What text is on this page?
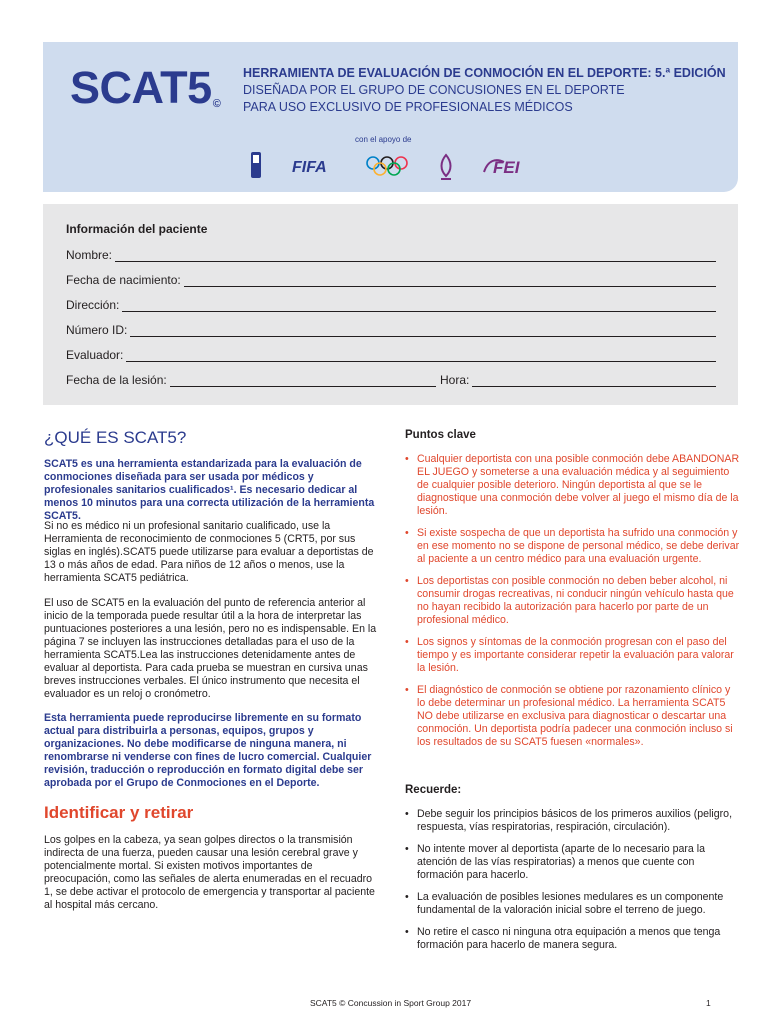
SCAT5©
HERRAMIENTA DE EVALUACIÓN DE CONMOCIÓN EN EL DEPORTE: 5.ª EDICIÓN
DISEÑADA POR EL GRUPO DE CONCUSIONES EN EL DEPORTE
PARA USO EXCLUSIVO DE PROFESIONALES MÉDICOS
con el apoyo de
FIFA	FEI
Información del paciente
Nombre:
Fecha de nacimiento:
Dirección:
Número ID:
Evaluador:
Fecha de la lesión:	Hora:
¿QUÉ ES SCAT5?

SCAT5 es una herramienta estandarizada para la evaluación de conmociones diseñada para ser usada por médicos y profesionales sanitarios cualificados¹. Es necesario dedicar al menos 10 minutos para una correcta utilización de la herramienta SCAT5.

Si no es médico ni un profesional sanitario cualificado, use la Herramienta de reconocimiento de conmociones 5 (CRT5, por sus siglas en inglés).SCAT5 puede utilizarse para evaluar a deportistas de 13 o más años de edad. Para niños de 12 años o menos, use la herramienta SCAT5 pediátrica.

El uso de SCAT5 en la evaluación del punto de referencia anterior al inicio de la temporada puede resultar útil a la hora de interpretar las puntuaciones posteriores a una lesión, pero no es indispensable. En la página 7 se incluyen las instrucciones detalladas para el uso de la herramienta SCAT5.Lea las instrucciones detenidamente antes de evaluar al deportista. Para cada prueba se muestran en cursiva unas breves instrucciones verbales. El único instrumento que necesita el evaluador es un reloj o cronómetro.

Esta herramienta puede reproducirse libremente en su formato actual para distribuirla a personas, equipos, grupos y organizaciones. No debe modificarse de ninguna manera, ni renombrarse ni venderse con fines de lucro comercial. Cualquier revisión, traducción o reproducción en formato digital debe ser aprobada por el Grupo de Conmociones en el Deporte.

Identificar y retirar

Los golpes en la cabeza, ya sean golpes directos o la transmisión indirecta de una fuerza, pueden causar una lesión cerebral grave y potencialmente mortal. Si existen motivos importantes de preocupación, como las señales de alerta enumeradas en el recuadro 1, se debe activar el protocolo de emergencia y transportar al paciente al hospital más cercano.

Puntos clave
• Cualquier deportista con una posible conmoción debe ABANDONAR EL JUEGO y someterse a una evaluación médica y al seguimiento de cualquier posible deterioro. Ningún deportista al que se le diagnostique una conmoción debe volver al juego el mismo día de la lesión.
• Si existe sospecha de que un deportista ha sufrido una conmoción y en ese momento no se dispone de personal médico, se debe derivar al paciente a un centro médico para una evaluación urgente.
• Los deportistas con posible conmoción no deben beber alcohol, ni consumir drogas recreativas, ni conducir ningún vehículo hasta que no hayan recibido la autorización para hacerlo por parte de un profesional médico.
• Los signos y síntomas de la conmoción progresan con el paso del tiempo y es importante considerar repetir la evaluación para valorar la lesión.
• El diagnóstico de conmoción se obtiene por razonamiento clínico y lo debe determinar un profesional médico. La herramienta SCAT5 NO debe utilizarse en exclusiva para diagnosticar o descartar una conmoción. Un deportista podría padecer una conmoción incluso si los resultados de su SCAT5 fuesen «normales».
Recuerde:
• Debe seguir los principios básicos de los primeros auxilios (peligro, respuesta, vías respiratorias, respiración, circulación).
• No intente mover al deportista (aparte de lo necesario para la atención de las vías respiratorias) a menos que cuente con formación para hacerlo.
• La evaluación de posibles lesiones medulares es un componente fundamental de la valoración inicial sobre el terreno de juego.
• No retire el casco ni ninguna otra equipación a menos que tenga formación para hacerlo de manera segura.
SCAT5 © Concussion in Sport Group 2017	1
